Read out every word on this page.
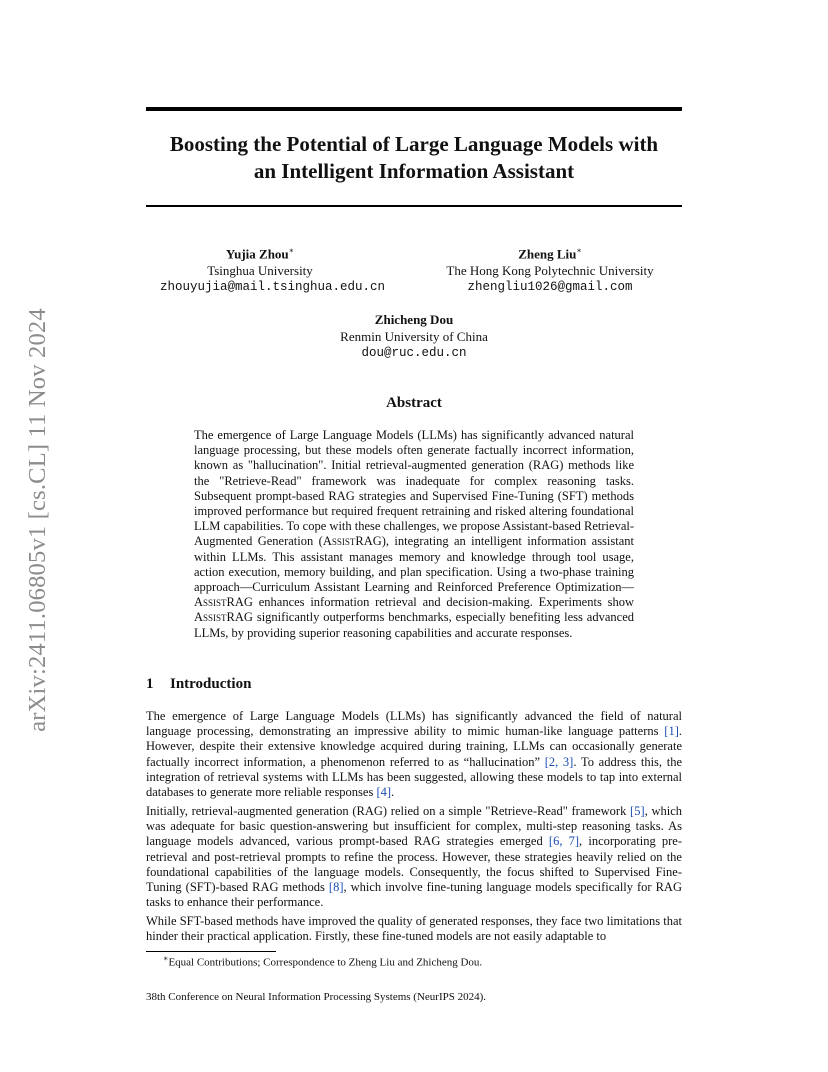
arXiv:2411.06805v1 [cs.CL] 11 Nov 2024
Boosting the Potential of Large Language Models with
an Intelligent Information Assistant
Yujia Zhou∗
Tsinghua University
zhouyujia@mail.tsinghua.edu.cn
Zheng Liu∗
The Hong Kong Polytechnic University
zhengliu1026@gmail.com
Zhicheng Dou
Renmin University of China
dou@ruc.edu.cn
Abstract
The emergence of Large Language Models (LLMs) has significantly advanced natural language processing, but these models often generate factually incorrect information, known as "hallucination". Initial retrieval-augmented generation (RAG) methods like the "Retrieve-Read" framework was inadequate for complex reasoning tasks. Subsequent prompt-based RAG strategies and Supervised Fine-Tuning (SFT) methods improved performance but required frequent retraining and risked altering foundational LLM capabilities. To cope with these challenges, we propose Assistant-based Retrieval-Augmented Generation (AssistRAG), integrating an intelligent information assistant within LLMs. This assistant manages memory and knowledge through tool usage, action execution, memory building, and plan specification. Using a two-phase training approach—Curriculum Assistant Learning and Reinforced Preference Optimization—AssistRAG enhances information retrieval and decision-making. Experiments show AssistRAG significantly outperforms benchmarks, especially benefiting less advanced LLMs, by providing superior reasoning capabilities and accurate responses.
1 Introduction
The emergence of Large Language Models (LLMs) has significantly advanced the field of natural language processing, demonstrating an impressive ability to mimic human-like language patterns [1]. However, despite their extensive knowledge acquired during training, LLMs can occasionally generate factually incorrect information, a phenomenon referred to as “hallucination” [2, 3]. To address this, the integration of retrieval systems with LLMs has been suggested, allowing these models to tap into external databases to generate more reliable responses [4].
Initially, retrieval-augmented generation (RAG) relied on a simple "Retrieve-Read" framework [5], which was adequate for basic question-answering but insufficient for complex, multi-step reasoning tasks. As language models advanced, various prompt-based RAG strategies emerged [6, 7], incorporating pre-retrieval and post-retrieval prompts to refine the process. However, these strategies heavily relied on the foundational capabilities of the language models. Consequently, the focus shifted to Supervised Fine-Tuning (SFT)-based RAG methods [8], which involve fine-tuning language models specifically for RAG tasks to enhance their performance.
While SFT-based methods have improved the quality of generated responses, they face two limitations that hinder their practical application. Firstly, these fine-tuned models are not easily adaptable to
∗Equal Contributions; Correspondence to Zheng Liu and Zhicheng Dou.
38th Conference on Neural Information Processing Systems (NeurIPS 2024).
